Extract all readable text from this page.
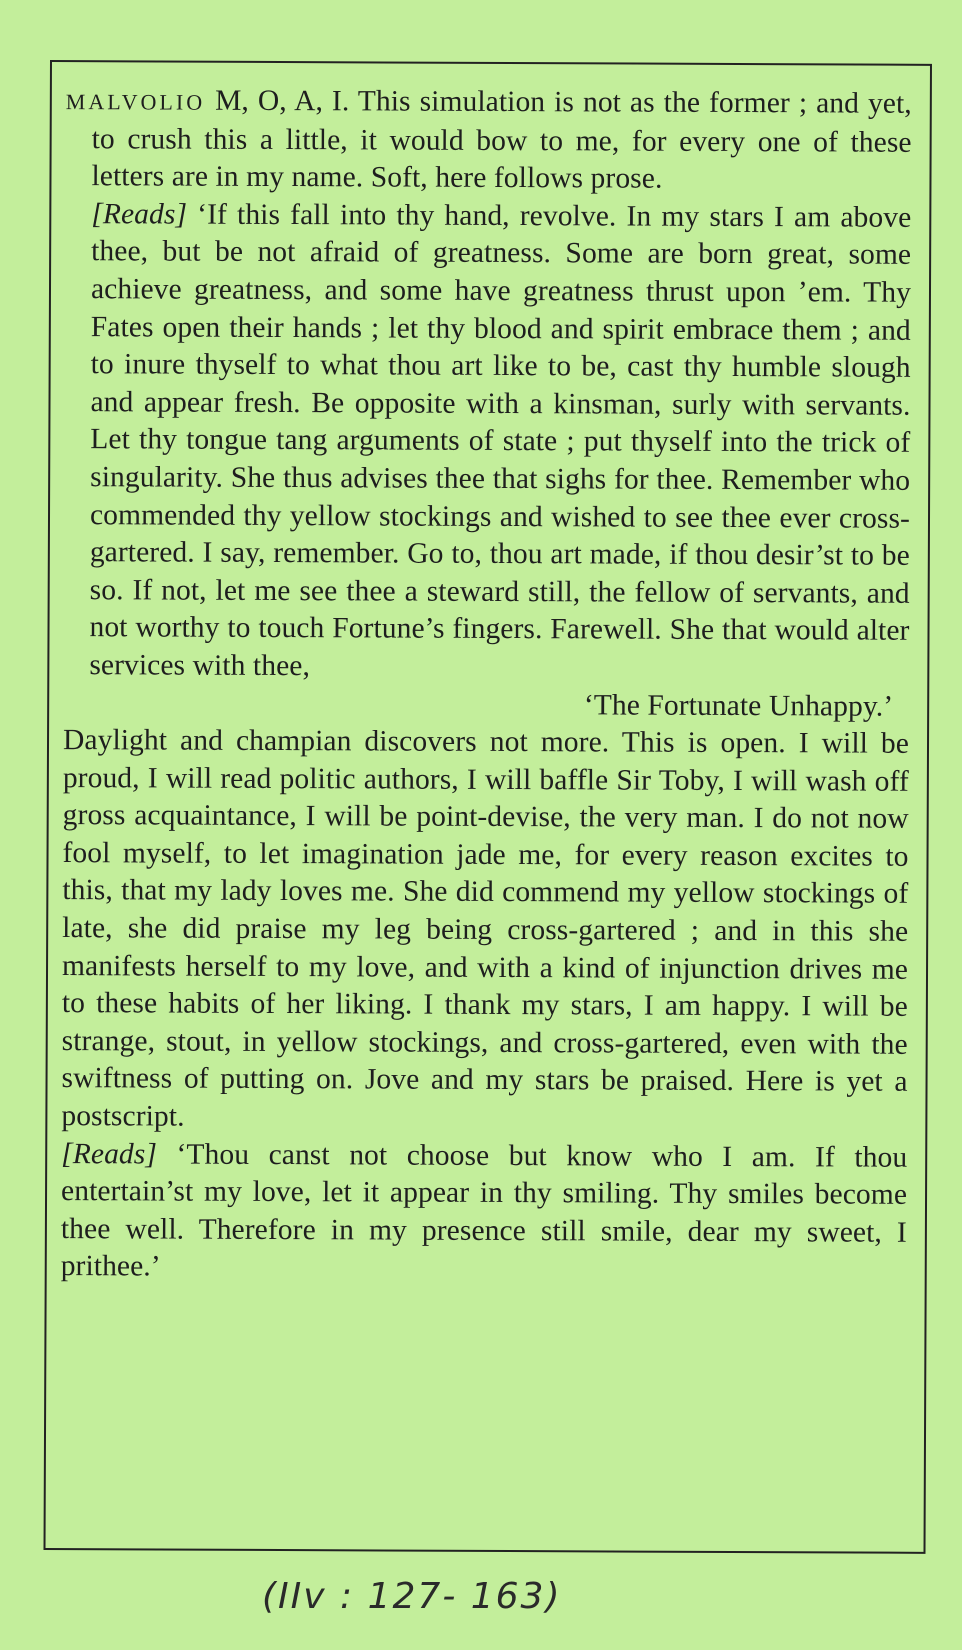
MALVOLIO M, O, A, I. This simulation is not as the former ; and yet, to crush this a little, it would bow to me, for every one of these letters are in my name. Soft, here follows prose.

[Reads] ‘If this fall into thy hand, revolve. In my stars I am above thee, but be not afraid of greatness. Some are born great, some achieve greatness, and some have greatness thrust upon ’em. Thy Fates open their hands ; let thy blood and spirit embrace them ; and to inure thyself to what thou art like to be, cast thy humble slough and appear fresh. Be opposite with a kinsman, surly with servants. Let thy tongue tang arguments of state ; put thyself into the trick of singularity. She thus advises thee that sighs for thee. Remember who commended thy yellow stockings and wished to see thee ever cross-gartered. I say, remember. Go to, thou art made, if thou desir’st to be so. If not, let me see thee a steward still, the fellow of servants, and not worthy to touch Fortune’s fingers. Farewell. She that would alter services with thee,

‘The Fortunate Unhappy.’

Daylight and champian discovers not more. This is open. I will be proud, I will read politic authors, I will baffle Sir Toby, I will wash off gross acquaintance, I will be point-devise, the very man. I do not now fool myself, to let imagination jade me, for every reason excites to this, that my lady loves me. She did commend my yellow stockings of late, she did praise my leg being cross-gartered ; and in this she manifests herself to my love, and with a kind of injunction drives me to these habits of her liking. I thank my stars, I am happy. I will be strange, stout, in yellow stockings, and cross-gartered, even with the swiftness of putting on. Jove and my stars be praised. Here is yet a postscript.

[Reads] ‘Thou canst not choose but know who I am. If thou entertain’st my love, let it appear in thy smiling. Thy smiles become thee well. Therefore in my presence still smile, dear my sweet, I prithee.’

(IIv : 127- 163)
